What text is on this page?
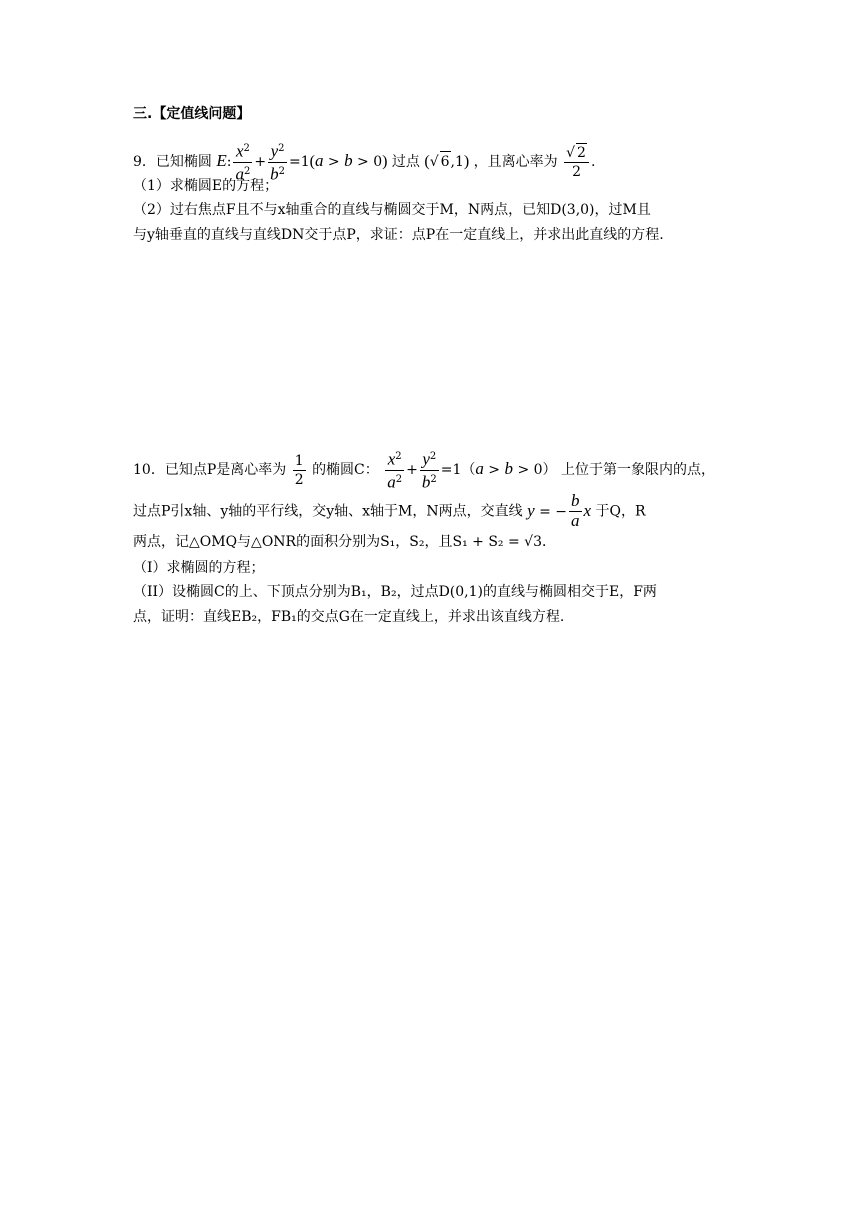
三.【定值线问题】
9．已知椭圆 E: $\frac{x^2}{a^2} + \frac{y^2}{b^2} =1(a > b > 0)$ 过点 (√ 6,1) ，且离心率为 $\frac{√ 2}{2}$ .
（1）求椭圆E的方程；
（2）过右焦点F且不与x轴重合的直线与椭圆交于M，N两点，已知D(3,0)，过M且
与y轴垂直的直线与直线DN交于点P，求证：点P在一定直线上，并求出此直线的方程.
10．已知点P是离心率为 $\frac{1}{2}$ 的椭圆C： $\frac{x^2}{a^2} + \frac{y^2}{b^2} =1(a > b > 0)$ 上位于第一象限内的点，
过点P引x轴、y轴的平行线，交y轴、x轴于M，N两点，交直线 y = − $\frac{b}{a}$ x 于Q，R
两点，记△OMQ与△ONR的面积分别为S₁，S₂，且S₁ + S₂ = √3．
（I）求椭圆的方程；
（II）设椭圆C的上、下顶点分别为B₁，B₂，过点D(0,1)的直线与椭圆相交于E，F两
点，证明：直线EB₂，FB₁的交点G在一定直线上，并求出该直线方程.
